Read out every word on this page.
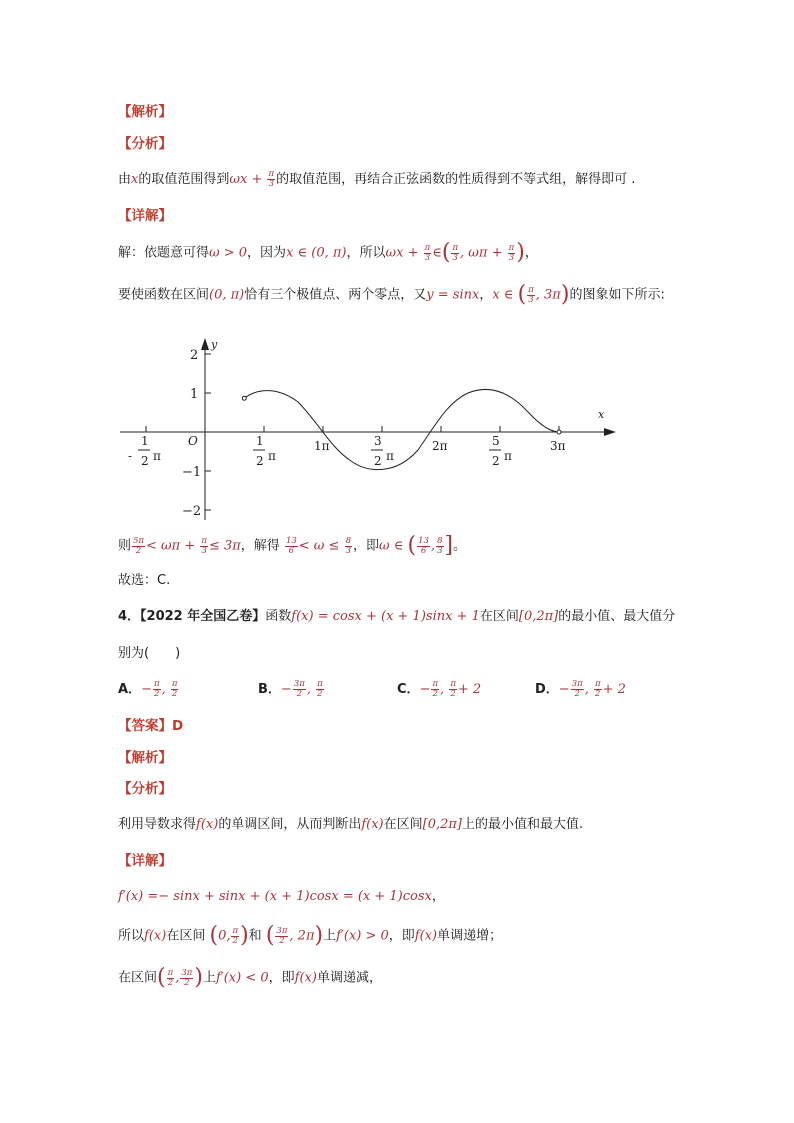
【解析】
【分析】
由x的取值范围得到$\omega x + \frac{\pi}{3}$ 的取值范围，再结合正弦函数的性质得到不等式组，解得即可 .
【详解】
解：依题意可得ω > 0，因为x ∈ (0, π)，所以$\omega x + \frac{\pi}{3}$ ∈( $\frac{\pi}{3}$ , $\omega\pi + \frac{\pi}{3}$ )，
要使函数在区间(0, π)恰有三个极值点、两个零点，又y = sinx，x ∈ ( $\frac{\pi}{3}$ , 3π)的图象如下所示:
y
x
O
2
1
−1
−2
1π	2π	3π
-
1
2 π
1
2 π
3
2 π
5
2 π
则 $\frac{5\pi}{2} < \omega\pi + \frac{\pi}{3} \le 3\pi$，解得 $\frac{13}{6} < \omega \le \frac{8}{3}$ ，即ω ∈ ( $\frac{13}{6}$ , $\frac{8}{3}$ ]。
故选：C.
4．【2022 年全国乙卷】函数f(x) = cosx + (x + 1)sinx + 1在区间[0,2π]的最小值、最大值分
别为(　　)
A．− $\frac{\pi}{2}$ , $\frac{\pi}{2}$	B．− $\frac{3\pi}{2}$ , $\frac{\pi}{2}$	C．− $\frac{\pi}{2}$ , $\frac{\pi}{2} + 2$	D．− $\frac{3\pi}{2}$ , $\frac{\pi}{2} + 2$
【答案】D
【解析】
【分析】
利用导数求得f(x)的单调区间，从而判断出f(x)在区间[0,2π]上的最小值和最大值.
【详解】
f′(x) =− sinx + sinx + (x + 1)cosx = (x + 1)cosx，
所以f(x)在区间 (0, $\frac{\pi}{2}$ )和 ( $\frac{3\pi}{2}$ , 2π)上f′(x) > 0，即f(x)单调递增；
在区间( $\frac{\pi}{2}$ , $\frac{3\pi}{2}$ )上f′(x) < 0，即f(x)单调递减，
